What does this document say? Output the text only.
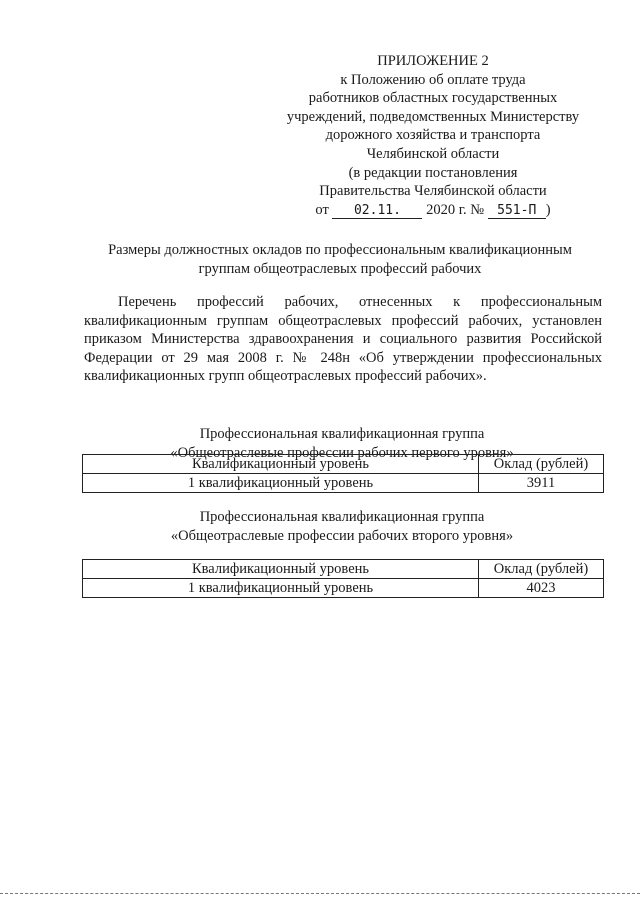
ПРИЛОЖЕНИЕ 2
к Положению об оплате труда
работников областных государственных
учреждений, подведомственных Министерству
дорожного хозяйства и транспорта
Челябинской области
(в редакции постановления
Правительства Челябинской области
от 02.11. 2020 г. № 551-П )
Размеры должностных окладов по профессиональным квалификационным
группам общеотраслевых профессий рабочих

Перечень профессий рабочих, отнесенных к профессиональным квалификационным группам общеотраслевых профессий рабочих, установлен приказом Министерства здравоохранения и социального развития Российской Федерации от 29 мая 2008 г. № 248н «Об утверждении профессиональных квалификационных групп общеотраслевых профессий рабочих».

Профессиональная квалификационная группа
«Общеотраслевые профессии рабочих первого уровня»
Квалификационный уровень	Оклад (рублей)
1 квалификационный уровень	3911
Профессиональная квалификационная группа
«Общеотраслевые профессии рабочих второго уровня»
Квалификационный уровень	Оклад (рублей)
1 квалификационный уровень	4023
